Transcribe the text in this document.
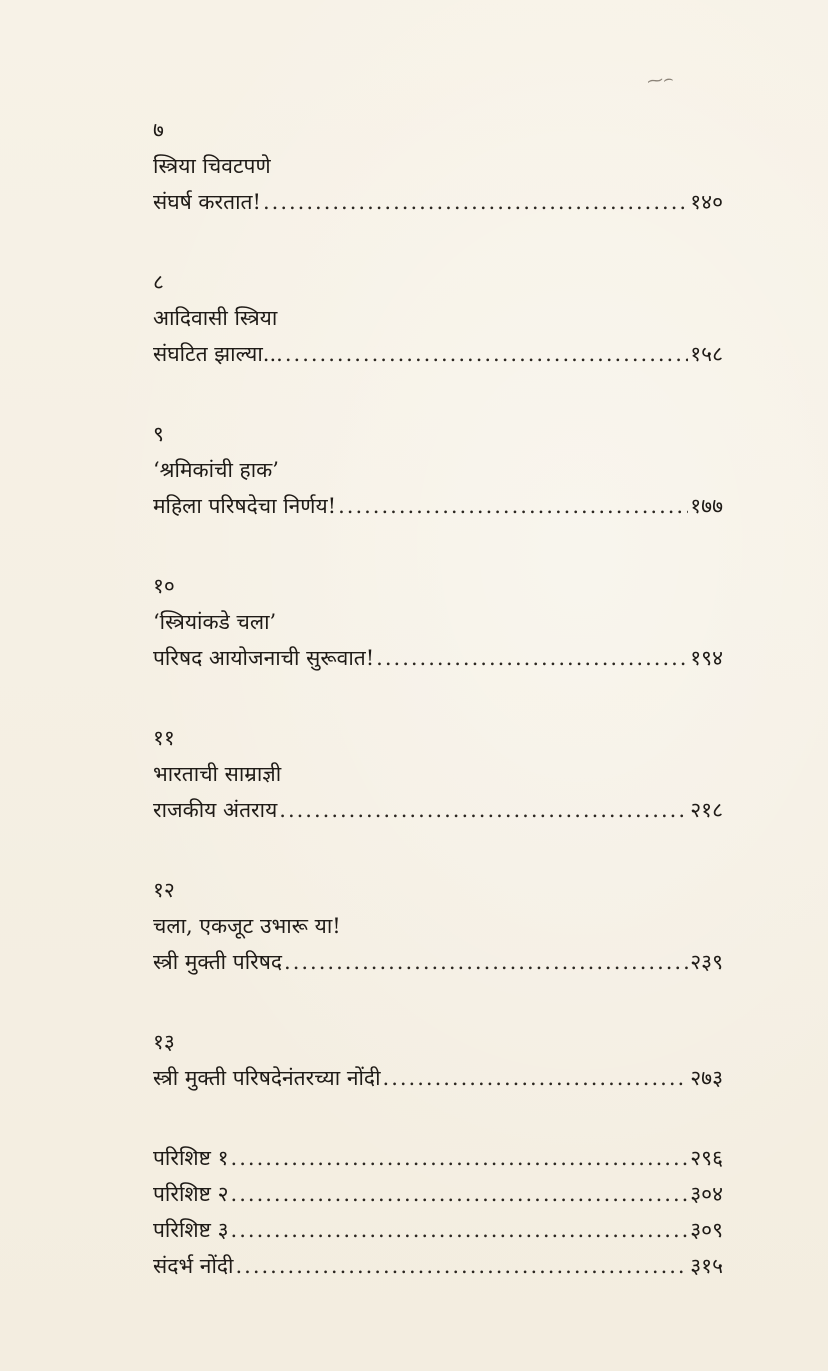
⁓⌢
७
स्त्रिया चिवटपणे
संघर्ष करतात! .....	१४०
८
आदिवासी स्त्रिया
संघटित झाल्या... .....	१५८
९
‘श्रमिकांची हाक’
महिला परिषदेचा निर्णय! .....	१७७
१०
‘स्त्रियांकडे चला’
परिषद आयोजनाची सुरूवात! .....	१९४
११
भारताची साम्राज्ञी
राजकीय अंतराय .....	२१८
१२
चला, एकजूट उभारू या!
स्त्री मुक्ती परिषद .....	२३९
१३
स्त्री मुक्ती परिषदेनंतरच्या नोंदी .....	२७३
परिशिष्ट १ .....	२९६
परिशिष्ट २ .....	३०४
परिशिष्ट ३ .....	३०९
संदर्भ नोंदी .....	३१५
